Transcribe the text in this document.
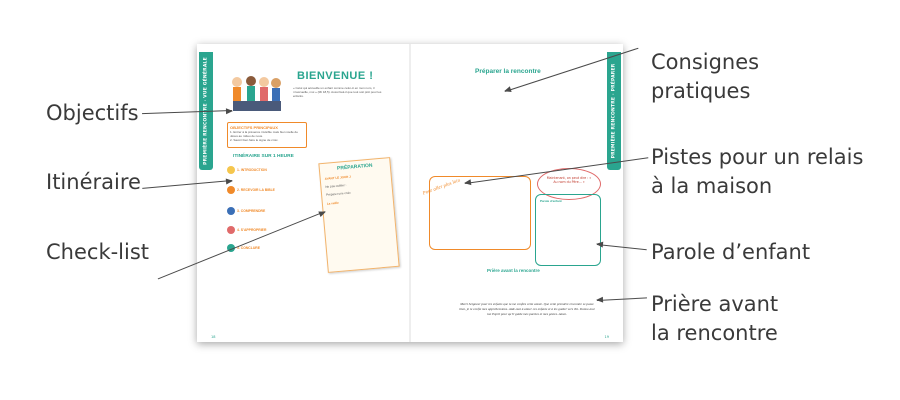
Objectifs
Itinéraire
Check-list
Consignes
pratiques
Pistes pour un relais
à la maison
Parole d’enfant
Prière avant
la rencontre
BIENVENUE !
« Celui qui accueille un enfant comme celui-ci en mon nom, il m’accueille, moi » (Mt 18,5). Aussi faut-il que tout soit prêt pour les enfants.
OBJECTIFS PRINCIPAUX
1. Entrer à la présence invisible mais bien réelle de Jésus au milieu de nous.
2. Savoir bien faire le signe de croix.
ITINÉRAIRE SUR 1 HEURE
1. INTRODUCTION
2. RECEVOIR LA BIBLE
3. COMPRENDRE
4. S’APPROPRIER
5. CONCLURE
PRÉPARATION
AVANT LE JOUR J
Ne pas oublier :
Préparer une croix
La veille
18
PREMIÈRE RENCONTRE · PRÉPARER
Préparer la rencontre
Pour aller plus loin
Maintenant, on peut dire : « Au nom du Père... »
Parole d’enfant
Prière avant la rencontre
Merci Seigneur pour les enfants que tu me confies cette année. Que cette première rencontre se passe bien, je te confie mes appréhensions. Aide-moi à aimer ces enfants et à les guider vers Toi. Donne-moi ton Esprit pour qu’il guide mes paroles et mes gestes. Amen.
19
